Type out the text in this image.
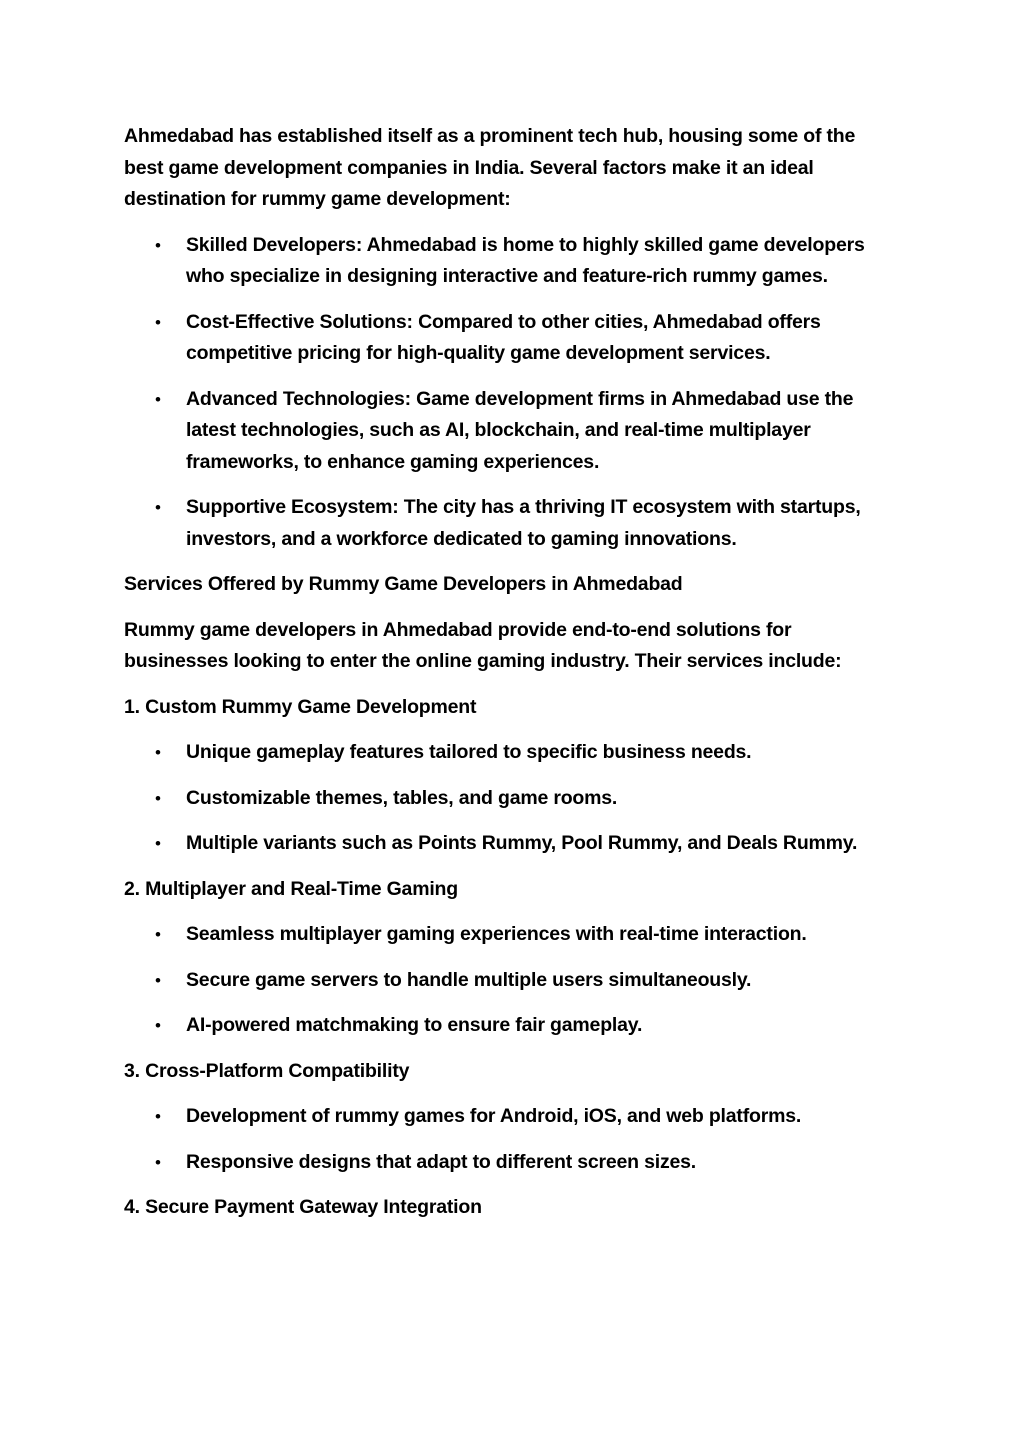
Ahmedabad has established itself as a prominent tech hub, housing some of the best game development companies in India. Several factors make it an ideal destination for rummy game development:

• Skilled Developers: Ahmedabad is home to highly skilled game developers who specialize in designing interactive and feature-rich rummy games.
• Cost-Effective Solutions: Compared to other cities, Ahmedabad offers competitive pricing for high-quality game development services.
• Advanced Technologies: Game development firms in Ahmedabad use the latest technologies, such as AI, blockchain, and real-time multiplayer frameworks, to enhance gaming experiences.
• Supportive Ecosystem: The city has a thriving IT ecosystem with startups, investors, and a workforce dedicated to gaming innovations.

Services Offered by Rummy Game Developers in Ahmedabad

Rummy game developers in Ahmedabad provide end-to-end solutions for businesses looking to enter the online gaming industry. Their services include:

1. Custom Rummy Game Development

• Unique gameplay features tailored to specific business needs.
• Customizable themes, tables, and game rooms.
• Multiple variants such as Points Rummy, Pool Rummy, and Deals Rummy.

2. Multiplayer and Real-Time Gaming

• Seamless multiplayer gaming experiences with real-time interaction.
• Secure game servers to handle multiple users simultaneously.
• AI-powered matchmaking to ensure fair gameplay.

3. Cross-Platform Compatibility

• Development of rummy games for Android, iOS, and web platforms.
• Responsive designs that adapt to different screen sizes.

4. Secure Payment Gateway Integration
